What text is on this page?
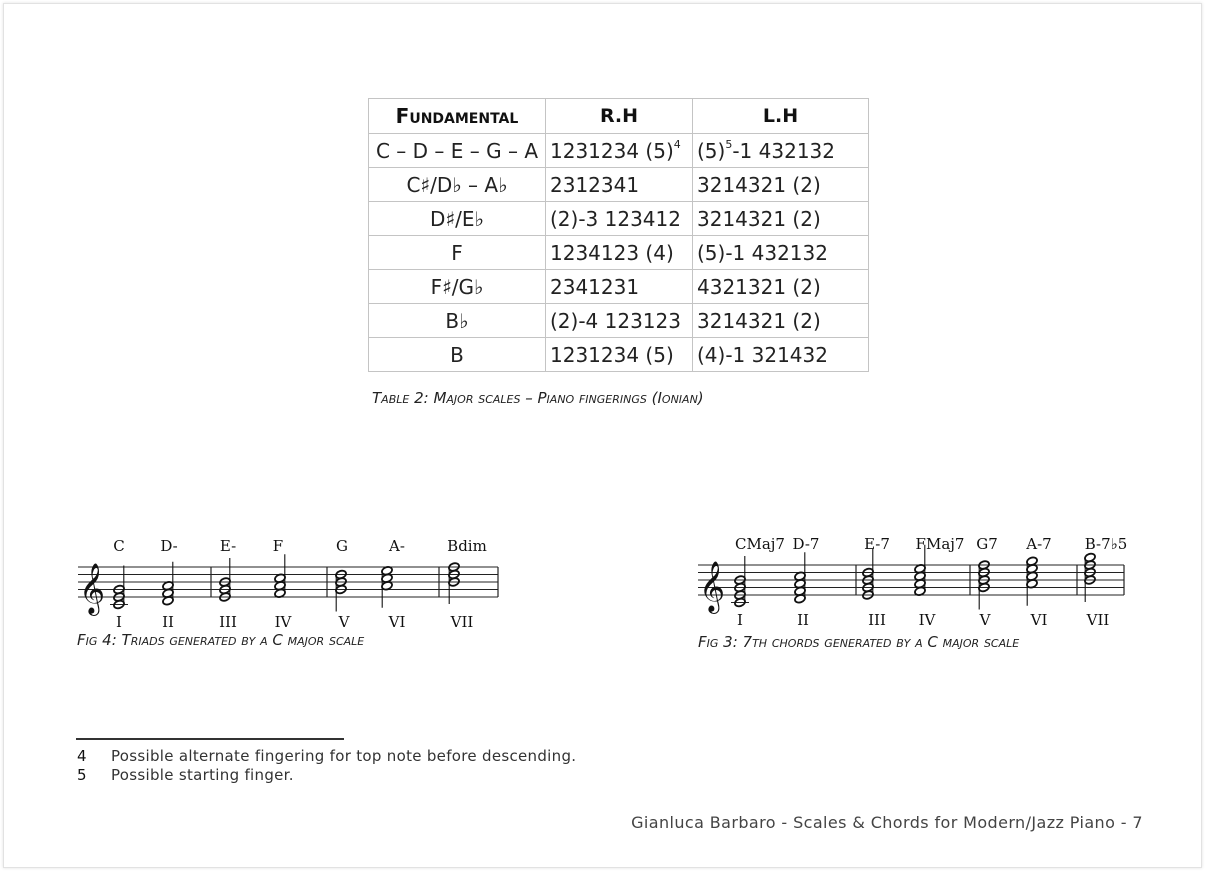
Fundamental	R.H	L.H
C – D – E – G – A	1231234 $(5)^4$	$(5)^5-1$ 432132
C♯/D♭ – A♭	2312341	3214321 (2)
D♯/E♭	(2)-3 123412	3214321 (2)
F	1234123 (4)	(5)-1 432132
F♯/G♭	2341231	4321321 (2)
B♭	(2)-4 123123	3214321 (2)
B	1231234 (5)	(4)-1 321432
Table 2: Major scales – Piano fingerings (Ionian)
𝄞
C
I
D-
II
E-
III
F
IV
G
V
A-
VI
Bdim
VII
Fig 4: Triads generated by a C major scale
𝄞
CMaj7
I
D-7
II
E-7
III
FMaj7
IV
G7
V
A-7
VI
B-7♭5
VII
Fig 3: 7th chords generated by a C major scale
4 Possible alternate fingering for top note before descending.
5 Possible starting finger.
Gianluca Barbaro - Scales & Chords for Modern/Jazz Piano - 7
